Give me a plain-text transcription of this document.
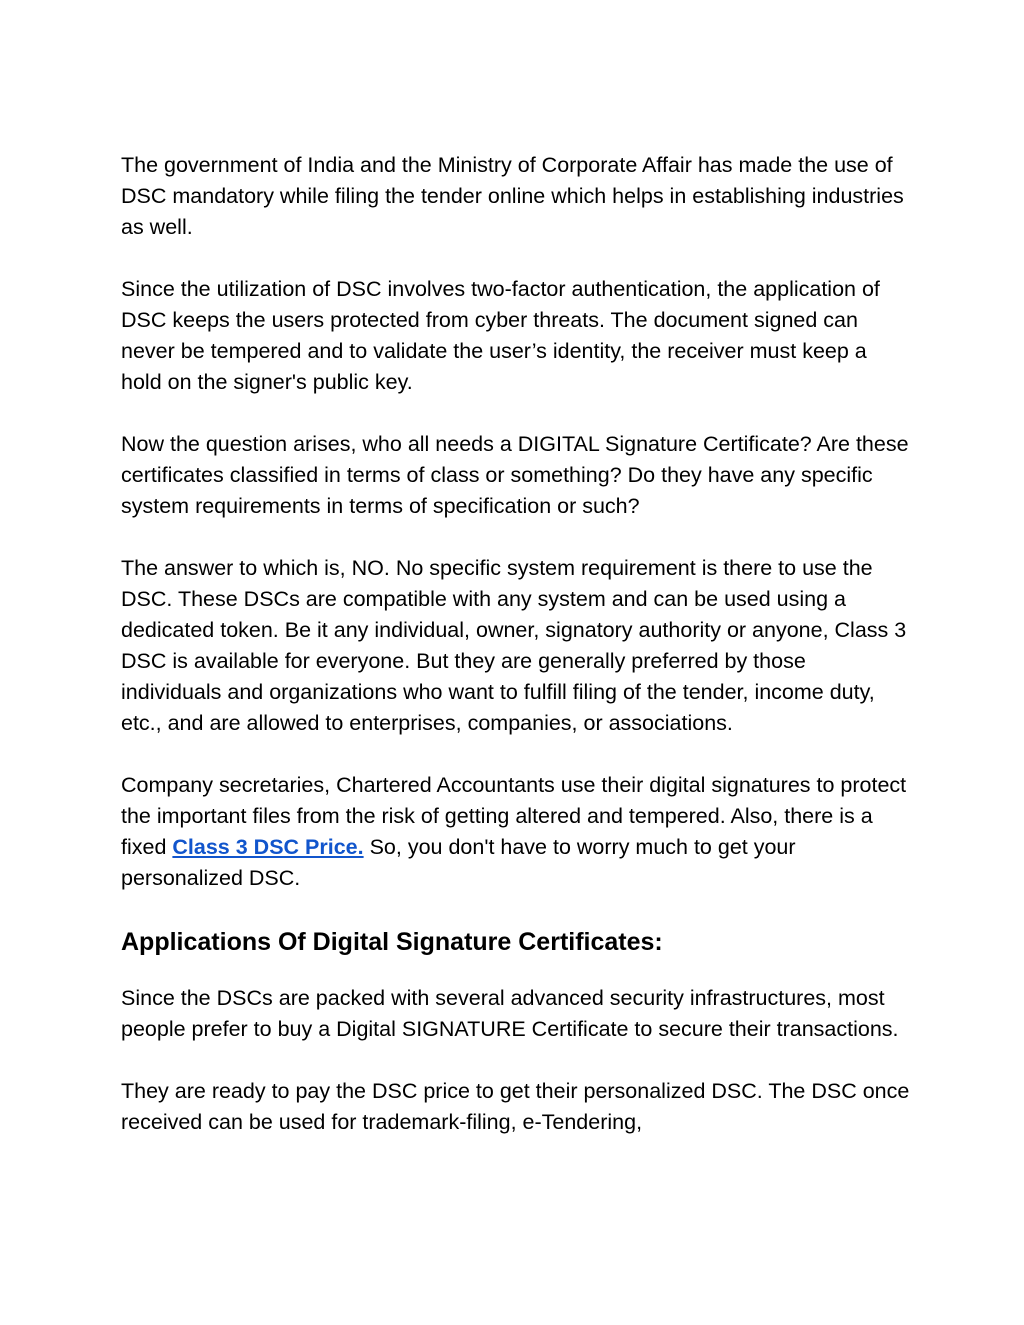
The government of India and the Ministry of Corporate Affair has made the use of DSC mandatory while filing the tender online which helps in establishing industries as well.

Since the utilization of DSC involves two-factor authentication, the application of DSC keeps the users protected from cyber threats. The document signed can never be tempered and to validate the user’s identity, the receiver must keep a hold on the signer's public key.

Now the question arises, who all needs a DIGITAL Signature Certificate? Are these certificates classified in terms of class or something? Do they have any specific system requirements in terms of specification or such?

The answer to which is, NO. No specific system requirement is there to use the DSC. These DSCs are compatible with any system and can be used using a dedicated token. Be it any individual, owner, signatory authority or anyone, Class 3 DSC is available for everyone. But they are generally preferred by those individuals and organizations who want to fulfill filing of the tender, income duty, etc., and are allowed to enterprises, companies, or associations.

Company secretaries, Chartered Accountants use their digital signatures to protect the important files from the risk of getting altered and tempered. Also, there is a fixed Class 3 DSC Price. So, you don't have to worry much to get your personalized DSC.

Applications Of Digital Signature Certificates:

Since the DSCs are packed with several advanced security infrastructures, most people prefer to buy a Digital SIGNATURE Certificate to secure their transactions.

They are ready to pay the DSC price to get their personalized DSC. The DSC once received can be used for trademark-filing, e-Tendering,
